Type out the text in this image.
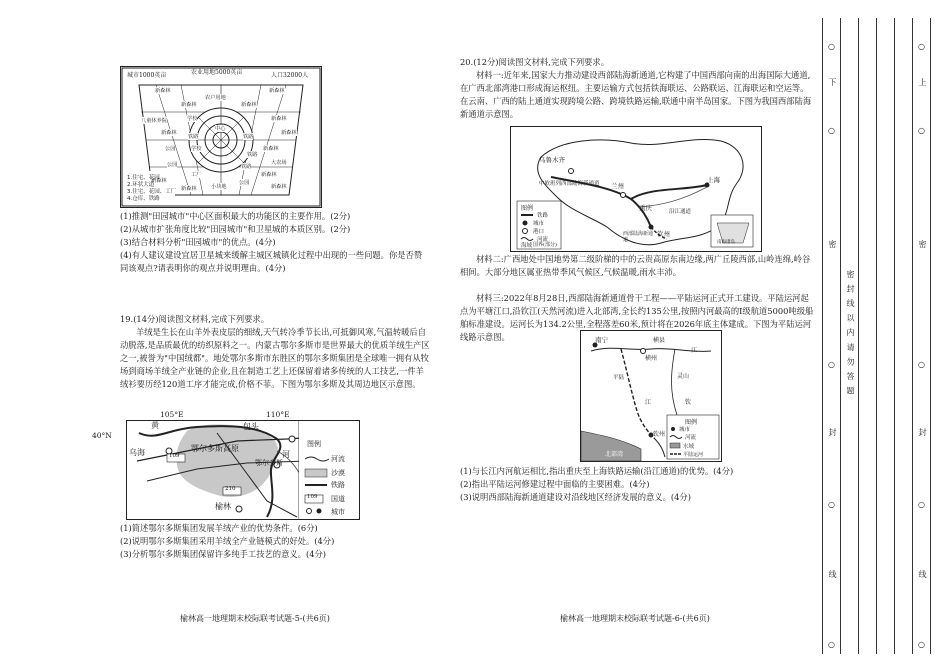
城市1000英亩	农业用地5000英亩	人口32000人
新森林	新森林
农户用地
新森林	新森林
八童休养院	新森林
中心
新森林	新森林
学校
铁路	铁路
新森林
公园	学校
铁路
公园	大农场
新森林
工厂	新森林
公园
小块地
铁路
新森林	新森林
1.住宅、花园
2.环状大道
3.住宅、花园、工厂
4.仓库、铁路
(1)推测"田园城市"中心区面积最大的功能区的主要作用。(2分)
(2)从城市扩张角度比较"田园城市"和卫星城的本质区别。(2分)
(3)结合材料分析"田园城市"的优点。(4分)
(4)有人建议建设宜居卫星城来缓解主城区城镇化过程中出现的一些问题。你是否赞同该观点?请表明你的观点并说明理由。(4分)
19.(14分)阅读图文材料,完成下列要求。
羊绒是生长在山羊外表皮层的细绒,天气转冷季节长出,可抵御风寒,气温转暖后自动脱落,是品质最优的纺织原料之一。内蒙古鄂尔多斯市是世界最大的优质羊绒生产区之一,被誉为"中国绒都"。地处鄂尔多斯市东胜区的鄂尔多斯集团是全球唯一拥有从牧场到商场羊绒全产业链的企业,且在制造工艺上还保留着诸多传统的人工技艺,一件羊绒衫要历经120道工序才能完成,价格不菲。下图为鄂尔多斯及其周边地区示意图。
黄	包头
鄂尔多斯高原
乌海	河
鄂尔多斯
榆林
109
210
图例
河流
沙漠
铁路
国道
109
城市
105°E	110°E
40°N
(1)简述鄂尔多斯集团发展羊绒产业的优势条件。(6分)
(2)说明鄂尔多斯集团采用羊绒全产业链模式的好处。(4分)
(3)分析鄂尔多斯集团保留许多纯手工技艺的意义。(4分)
榆林高一地理期末校际联考试题-5-(共6页)
20.(12分)阅读图文材料,完成下列要求。
材料一:近年来,国家大力推动建设西部陆海新通道,它构建了中国西部向南的出海国际大通道,在广西北部湾港口形成海运枢纽。主要运输方式包括铁海联运、公路联运、江海联运和空运等。在云南、广西的陆上通道实现跨境公路、跨境铁路运输,联通中南半岛国家。下图为我国西部陆海新通道示意图。
乌鲁木齐
中欧班列西部陆海新通道 兰州
重庆
上海
沿江通道
钦州
西部陆海新通道	南海诸岛
图例
铁路
城市
港口
河流
海域 国界(部分)
材料二:广西地处中国地势第二级阶梯的中的云贵高原东南边缘,两广丘陵西部,山岭连绵,岭谷相间。大部分地区属亚热带季风气候区,气候温暖,雨水丰沛。
材料三:2022年8月28日,西部陆海新通道骨干工程——平陆运河正式开工建设。平陆运河起点为平塘江口,沿钦江(天然河流)进入北部湾,全长约135公里,按照内河最高的I级航道5000吨级船舶标准建设。运河长为134.2公里,全程落差60米,预计将在2026年底主体建成。下图为平陆运河线路示意图。	南宁	横县
横州
江
平陆	灵山
江	钦
钦州
北部湾
图例
城市
河流
水域
平陆运河
(1)与长江内河航运相比,指出重庆至上海铁路运输(沿江通道)的优势。(4分)
(2)指出平陆运河修建过程中面临的主要困难。(4分)
(3)说明西部陆海新通道建设对沿线地区经济发展的意义。(4分)
榆林高一地理期末校际联考试题-6-(共6页)
下	上
密 封 线 以 内 请 勿 答 题
密	密
封	封
线	线
○	○
○	○
○	○
○	○
○	○
